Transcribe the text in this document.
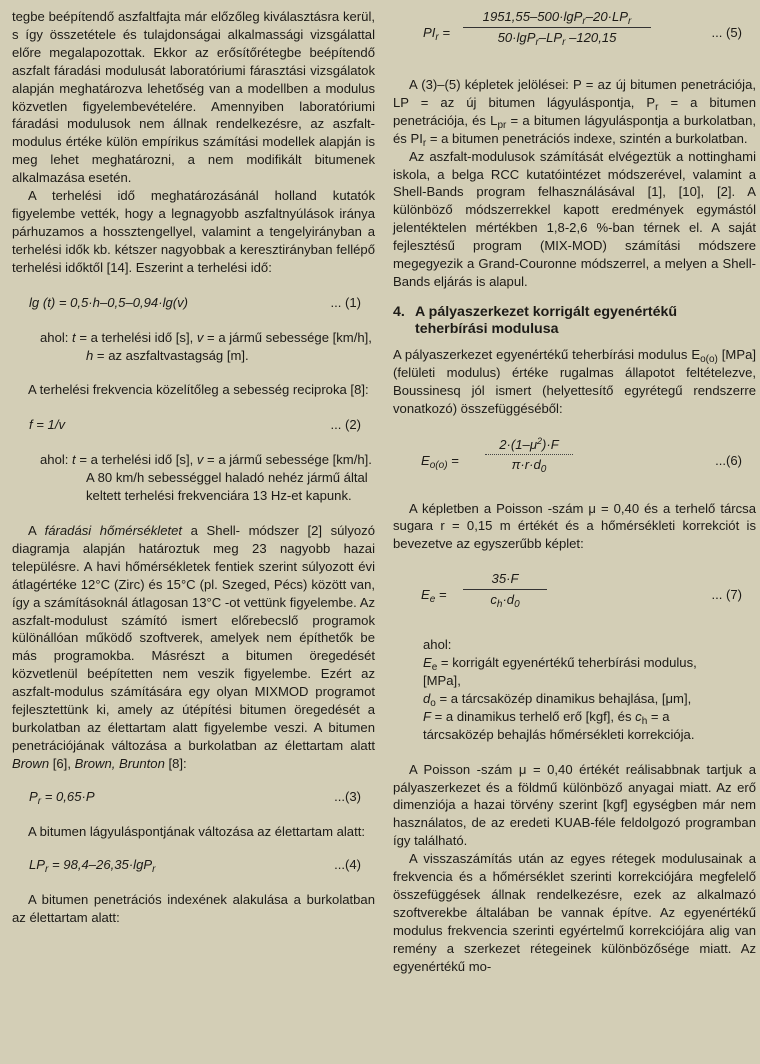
tegbe beépítendő aszfaltfajta már előzőleg kiválasztásra kerül, s így összetétele és tulajdonságai alkalmassági vizsgálattal előre megalapozottak. Ekkor az erősítőrétegbe beépítendő aszfalt fáradási modulusát laboratóriumi fárasztási vizsgálatok alapján meghatározva lehetőség van a modellben a modulus közvetlen figyelembevételére. Amennyiben laboratóriumi fáradási modulusok nem állnak rendelkezésre, az aszfalt-modulus értéke külön empírikus számítási modellek alapján is meg lehet meghatározni, a nem modifikált bitumenek alkalmazása esetén.

A terhelési idő meghatározásánál holland kutatók figyelembe vették, hogy a legnagyobb aszfaltnyúlások iránya párhuzamos a hossztengellyel, valamint a tengelyirányban a terhelési idők kb. kétszer nagyobbak a keresztirányban fellépő terhelési időktől [14]. Eszerint a terhelési idő:

lg (t) = 0,5·h–0,5–0,94·lg(v)	... (1)

ahol: t = a terhelési idő [s], v = a jármű sebessége [km/h], h = az aszfaltvastagság [m].

A terhelési frekvencia közelítőleg a sebesség reciproka [8]:

f = 1/v	... (2)

ahol: t = a terhelési idő [s], v = a jármű sebessége [km/h]. A 80 km/h sebességgel haladó nehéz jármű által keltett terhelési frekvenciára 13 Hz-et kapunk.

A fáradási hőmérsékletet a Shell- módszer [2] súlyozó diagramja alapján határoztuk meg 23 nagyobb hazai településre. A havi hőmérsékletek fentiek szerint súlyozott évi átlagértéke 12°C (Zirc) és 15°C (pl. Szeged, Pécs) között van, így a számításoknál átlagosan 13°C -ot vettünk figyelembe. Az aszfalt-modulust számító ismert előrebecslő programok különállóan működő szoftverek, amelyek nem építhetők be más programokba. Másrészt a bitumen öregedését közvetlenül beépítetten nem veszik figyelembe. Ezért az aszfalt-modulus számítására egy olyan MIXMOD programot fejlesztettünk ki, amely az útépítési bitumen öregedését a burkolatban az élettartam alatt figyelembe veszi. A bitumen penetrációjának változása a burkolatban az élettartam alatt Brown [6], Brown, Brunton [8]:

$P_r = 0,65\cdot P$	...(3)

A bitumen lágyuláspontjának változása az élettartam alatt:

$LP_r = 98,4-26,35\cdot\lg P_r$	...(4)

A bitumen penetrációs indexének alakulása a burkolatban az élettartam alatt:

$PI_r$ =
$1951,55-500\cdot\lg P_r-20\cdot LP_r$
$50\cdot\lg P_r-LP_r$ –120,15	... (5)

A (3)–(5) képletek jelölései: P = az új bitumen penetrációja, LP = az új bitumen lágyuláspontja, $P_r = a$ bitumen penetrációja, és $L_{pr} = a$ bitumen lágyuláspontja a burkolatban, és $PI_r = a$ bitumen penetrációs indexe, szintén a burkolatban.

Az aszfalt-modulusok számítását elvégeztük a nottinghami iskola, a belga RCC kutatóintézet módszerével, valamint a Shell-Bands program felhasználásával [1], [10], [2]. A különböző módszerrekkel kapott eredmények egymástól jelentéktelen mértékben 1,8-2,6 %-ban térnek el. A saját fejlesztésű program (MIX-MOD) számítási módszere megegyezik a Grand-Couronne módszerrel, a melyen a Shell-Bands eljárás is alapul.

4. A pályaszerkezet korrigált egyenértékű
teherbírási modulusa

A pályaszerkezet egyenértékű teherbírási modulus $E_{o(o)}$ [MPa] (felületi modulus) értéke rugalmas állapotot feltételezve, Boussinesq jól ismert (helyettesítő egyrétegű rendszerre vonatkozó) összefüggéséből:

$E_{o(o)}$ =
$2\cdot(1-\mu^2)\cdot F$
$\pi\cdot r\cdot d_0$
...(6)

A képletben a Poisson -szám μ = 0,40 és a terhelő tárcsa sugara r = 0,15 m értékét és a hőmérsékleti korrekciót is bevezetve az egyszerűbb képlet:

$E_e$ =
35·F
$c_h\cdot d_0$
... (7)
$ahol:E_e$ = korrigált egyenértékű teherbírási modulus, [MPa],
$d_o = a$ tárcsaközép dinamikus behajlása, [μm],
F = a dinamikus terhelő erő [kgf], és $c_h = a$ tárcsaközép behajlás hőmérsékleti korrekciója.

A Poisson -szám μ = 0,40 értékét reálisabbnak tartjuk a pályaszerkezet és a földmű különböző anyagai miatt. Az erő dimenziója a hazai törvény szerint [kgf] egységben már nem használatos, de az eredeti KUAB-féle feldolgozó programban így található.

A visszaszámítás után az egyes rétegek modulusainak a frekvencia és a hőmérséklet szerinti korrekciójára megfelelő összefüggések állnak rendelkezésre, ezek az alkalmazó szoftverekbe általában be vannak építve. Az egyenértékű modulus frekvencia szerinti egyértelmű korrekciójára alig van remény a szerkezet rétegeinek különbözősége miatt. Az egyenértékű mo-
